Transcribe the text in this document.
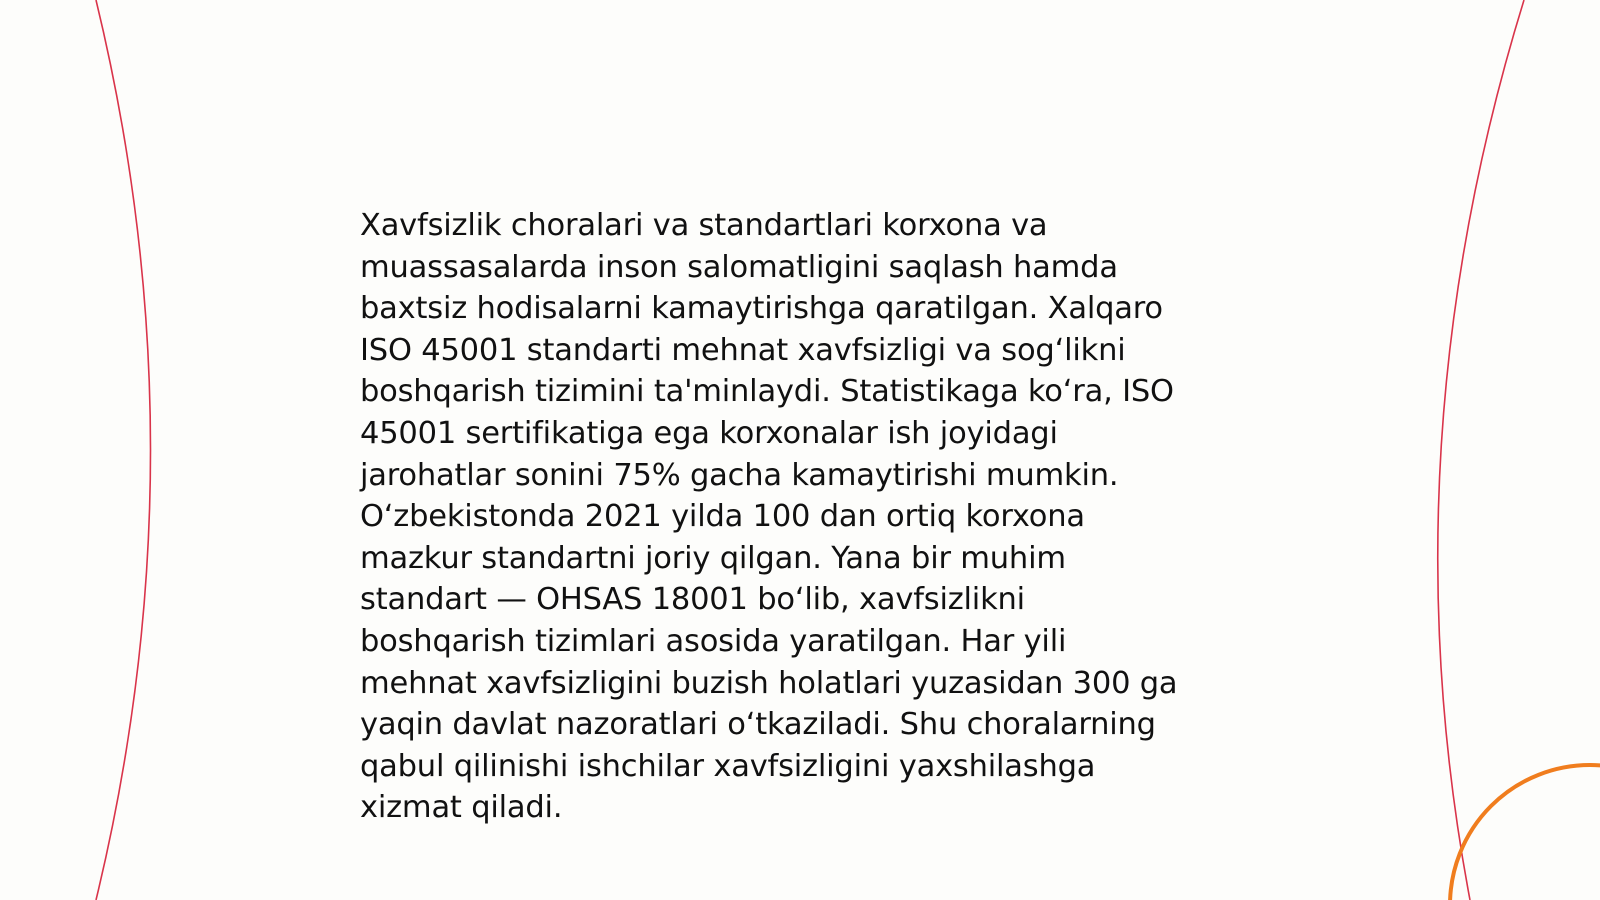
Xavfsizlik choralari va standartlari korxona va
muassasalarda inson salomatligini saqlash hamda
baxtsiz hodisalarni kamaytirishga qaratilgan. Xalqaro
ISO 45001 standarti mehnat xavfsizligi va sog‘likni
boshqarish tizimini ta'minlaydi. Statistikaga ko‘ra, ISO
45001 sertifikatiga ega korxonalar ish joyidagi
jarohatlar sonini 75% gacha kamaytirishi mumkin.
O‘zbekistonda 2021 yilda 100 dan ortiq korxona
mazkur standartni joriy qilgan. Yana bir muhim
standart — OHSAS 18001 bo‘lib, xavfsizlikni
boshqarish tizimlari asosida yaratilgan. Har yili
mehnat xavfsizligini buzish holatlari yuzasidan 300 ga
yaqin davlat nazoratlari o‘tkaziladi. Shu choralarning
qabul qilinishi ishchilar xavfsizligini yaxshilashga
xizmat qiladi.
